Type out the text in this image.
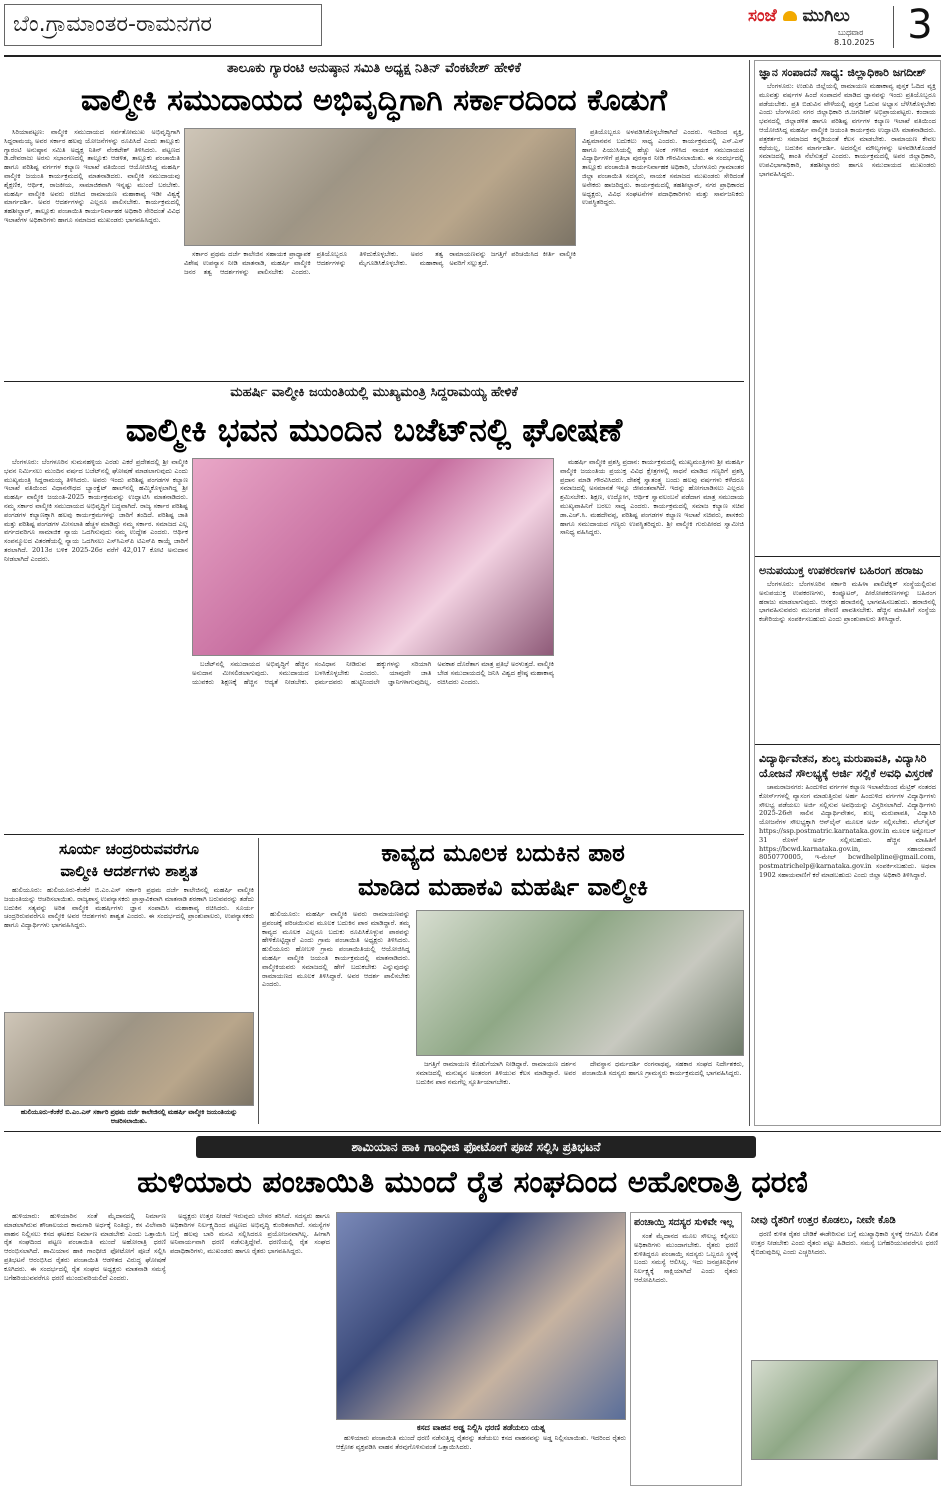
ಬೆಂ.ಗ್ರಾಮಾಂತರ-ರಾಮನಗರ	ಸಂಜೆ ಮುಗಿಲು
ಬುಧವಾರ
8.10.2025 3
ತಾಲೂಕು ಗ್ಯಾರಂಟಿ ಅನುಷ್ಠಾನ ಸಮಿತಿ ಅಧ್ಯಕ್ಷ ನಿತಿನ್ ವೆಂಕಟೇಶ್ ಹೇಳಿಕೆ
ವಾಲ್ಮೀಕಿ ಸಮುದಾಯದ ಅಭಿವೃದ್ಧಿಗಾಗಿ ಸರ್ಕಾರದಿಂದ ಕೊಡುಗೆ

ಸಿರಿಯಾಪಟ್ಟಣ: ವಾಲ್ಮೀಕಿ ಸಮುದಾಯದ ಸರ್ವತೋಮುಖ ಅಭಿವೃದ್ಧಿಗಾಗಿ ಸಿದ್ದರಾಮಯ್ಯ ಅವರ ಸರ್ಕಾರ ಹಲವು ಯೋಜನೆಗಳನ್ನು ರೂಪಿಸಿದೆ ಎಂದು ತಾಲ್ಲೂಕು ಗ್ಯಾರಂಟಿ ಅನುಷ್ಠಾನ ಸಮಿತಿ ಅಧ್ಯಕ್ಷ ನಿತಿನ್ ವೆಂಕಟೇಶ್ ತಿಳಿಸಿದರು. ಪಟ್ಟಣದ ಡಿ.ದೇವರಾಜು ಅರಸು ಸಭಾಂಗಣದಲ್ಲಿ ತಾಲ್ಲೂಕು ಆಡಳಿತ, ತಾಲ್ಲೂಕು ಪಂಚಾಯಿತಿ ಹಾಗೂ ಪರಿಶಿಷ್ಟ ವರ್ಗಗಳ ಕಲ್ಯಾಣ ಇಲಾಖೆ ವತಿಯಿಂದ ಆಯೋಜಿಸಿದ್ದ ಮಹರ್ಷಿ ವಾಲ್ಮೀಕಿ ಜಯಂತಿ ಕಾರ್ಯಕ್ರಮದಲ್ಲಿ ಮಾತನಾಡಿದರು. ವಾಲ್ಮೀಕಿ ಸಮುದಾಯವು ಶೈಕ್ಷಣಿಕ, ಆರ್ಥಿಕ, ರಾಜಕೀಯ, ಸಾಮಾಜಿಕವಾಗಿ ಇನ್ನಷ್ಟು ಮುಂದೆ ಬರಬೇಕು. ಮಹರ್ಷಿ ವಾಲ್ಮೀಕಿ ಅವರು ರಚಿಸಿದ ರಾಮಾಯಣ ಮಹಾಕಾವ್ಯ ಇಡೀ ವಿಶ್ವಕ್ಕೆ ಮಾರ್ಗದರ್ಶಿ. ಅವರ ಆದರ್ಶಗಳನ್ನು ಎಲ್ಲರೂ ಪಾಲಿಸಬೇಕು. ಕಾರ್ಯಕ್ರಮದಲ್ಲಿ ತಹಶೀಲ್ದಾರ್, ತಾಲ್ಲೂಕು ಪಂಚಾಯಿತಿ ಕಾರ್ಯನಿರ್ವಾಹಕ ಅಧಿಕಾರಿ ಸೇರಿದಂತೆ ವಿವಿಧ ಇಲಾಖೆಗಳ ಅಧಿಕಾರಿಗಳು ಹಾಗೂ ಸಮಾಜದ ಮುಖಂಡರು ಭಾಗವಹಿಸಿದ್ದರು.

ಸರ್ಕಾರ ಪ್ರಥಮ ದರ್ಜೆ ಕಾಲೇಜಿನ ಸಹಾಯಕ ಪ್ರಾಧ್ಯಾಪಕ ವಿಶೇಷ ಉಪನ್ಯಾಸ ನೀಡಿ ಮಾತನಾಡಿ, ಮಹರ್ಷಿ ವಾಲ್ಮೀಕಿ ಜನರ ತತ್ವ ಆದರ್ಶಗಳನ್ನು ಪಾಲಿಸಬೇಕು ಎಂದರು. ಪ್ರತಿಯೊಬ್ಬರೂ ತಿಳಿದುಕೊಳ್ಳಬೇಕು. ಅವರ ತತ್ವ ಆದರ್ಶಗಳನ್ನು ಮೈಗೂಡಿಸಿಕೊಳ್ಳಬೇಕು. ಮಹಾಕಾವ್ಯ ರಾಮಾಯಣವನ್ನು ಜಗತ್ತಿಗೆ ಪರಿಚಯಿಸಿದ ಕೀರ್ತಿ ವಾಲ್ಮೀಕಿ ಅವರಿಗೆ ಸಲ್ಲುತ್ತದೆ.

ಪ್ರತಿಯೊಬ್ಬರೂ ಅಳವಡಿಸಿಕೊಳ್ಳಬೇಕಾಗಿದೆ ಎಂದರು. ಇದರಿಂದ ವ್ಯಕ್ತಿ, ವಿಶ್ವಮಾನವನ ಬದುಕಲು ಸಾಧ್ಯ ಎಂದರು. ಕಾರ್ಯಕ್ರಮದಲ್ಲಿ ಎಸ್.ಎಸ್ ಹಾಗೂ ಪಿಯುಸಿಯಲ್ಲಿ ಹೆಚ್ಚು ಅಂಕ ಗಳಿಸಿದ ನಾಯಕ ಸಮುದಾಯದ ವಿದ್ಯಾರ್ಥಿಗಳಿಗೆ ಪ್ರತಿಭಾ ಪುರಸ್ಕಾರ ನೀಡಿ ಗೌರವಿಸಲಾಯಿತು. ಈ ಸಂದರ್ಭದಲ್ಲಿ ತಾಲ್ಲೂಕು ಪಂಚಾಯಿತಿ ಕಾರ್ಯನಿರ್ವಾಹಕ ಅಧಿಕಾರಿ, ಬೆಂಗಳೂರು ಗ್ರಾಮಾಂತರ ಜಿಲ್ಲಾ ಪಂಚಾಯಿತಿ ಸದಸ್ಯರು, ನಾಯಕ ಸಮಾಜದ ಮುಖಂಡರು ಸೇರಿದಂತೆ ಅನೇಕರು ಹಾಜರಿದ್ದರು. ಕಾರ್ಯಕ್ರಮದಲ್ಲಿ ತಹಶೀಲ್ದಾರ್, ನಗರ ಪ್ರಾಧಿಕಾರದ ಅಧ್ಯಕ್ಷರು, ವಿವಿಧ ಸಂಘಟನೆಗಳ ಪದಾಧಿಕಾರಿಗಳು ಮತ್ತು ಸಾರ್ವಜನಿಕರು ಉಪಸ್ಥಿತರಿದ್ದರು.

ಮಹರ್ಷಿ ವಾಲ್ಮೀಕಿ ಜಯಂತಿಯಲ್ಲಿ ಮುಖ್ಯಮಂತ್ರಿ ಸಿದ್ದರಾಮಯ್ಯ ಹೇಳಿಕೆ
ವಾಲ್ಮೀಕಿ ಭವನ ಮುಂದಿನ ಬಜೆಟ್‌ನಲ್ಲಿ ಘೋಷಣೆ

ಬೆಂಗಳೂರು: ಬೆಂಗಳೂರಿನ ಸುಮನಹಳ್ಳಿಯ ಎರಡು ಎಕರೆ ಪ್ರದೇಶದಲ್ಲಿ ಶ್ರೀ ವಾಲ್ಮೀಕಿ ಭವನ ನಿರ್ಮಿಸಲು ಮುಂದಿನ ವರ್ಷದ ಬಜೆಟ್‌ನಲ್ಲಿ ಘೋಷಣೆ ಮಾಡಲಾಗುವುದು ಎಂದು ಮುಖ್ಯಮಂತ್ರಿ ಸಿದ್ದರಾಮಯ್ಯ ತಿಳಿಸಿದರು. ಅವರು ಇಂದು ಪರಿಶಿಷ್ಟ ಪಂಗಡಗಳ ಕಲ್ಯಾಣ ಇಲಾಖೆ ವತಿಯಿಂದ ವಿಧಾನಸೌಧದ ಬ್ಯಾಂಕ್ವೆಟ್ ಹಾಲ್‌ನಲ್ಲಿ ಹಮ್ಮಿಕೊಳ್ಳಲಾಗಿದ್ದ ಶ್ರೀ ಮಹರ್ಷಿ ವಾಲ್ಮೀಕಿ ಜಯಂತಿ-2025 ಕಾರ್ಯಕ್ರಮವನ್ನು ಉದ್ಘಾಟಿಸಿ ಮಾತನಾಡಿದರು. ನಮ್ಮ ಸರ್ಕಾರ ವಾಲ್ಮೀಕಿ ಸಮುದಾಯದ ಅಭಿವೃದ್ಧಿಗೆ ಬದ್ಧವಾಗಿದೆ. ರಾಜ್ಯ ಸರ್ಕಾರ ಪರಿಶಿಷ್ಟ ಪಂಗಡಗಳ ಕಲ್ಯಾಣಕ್ಕಾಗಿ ಹಲವು ಕಾರ್ಯಕ್ರಮಗಳನ್ನು ಜಾರಿಗೆ ತಂದಿದೆ. ಪರಿಶಿಷ್ಟ ಜಾತಿ ಮತ್ತು ಪರಿಶಿಷ್ಟ ಪಂಗಡಗಳ ಮೀಸಲಾತಿ ಹೆಚ್ಚಳ ಮಾಡಿದ್ದು ನಮ್ಮ ಸರ್ಕಾರ. ಸಮಾಜದ ಎಲ್ಲ ವರ್ಗದವರಿಗೂ ಸಾಮಾಜಿಕ ನ್ಯಾಯ ಒದಗಿಸುವುದು ನಮ್ಮ ಉದ್ದೇಶ ಎಂದರು. ಆರ್ಥಿಕ ಸಂಪನ್ಮೂಲದ ವಿತರಣೆಯಲ್ಲಿ ನ್ಯಾಯ ಒದಗಿಸಲು ಎಸ್‌ಸಿಎಸ್‌ಪಿ ಟಿಎಸ್‌ಪಿ ಕಾಯ್ದೆ ಜಾರಿಗೆ ತರಲಾಗಿದೆ. 2013ರ ಬಳಿಕ 2025-26ರ ವರೆಗೆ 42,017 ಕೋಟಿ ಅನುದಾನ ನೀಡಲಾಗಿದೆ ಎಂದರು.

ಬಜೆಟ್‌ನಲ್ಲಿ ಸಮುದಾಯದ ಅಭಿವೃದ್ಧಿಗೆ ಹೆಚ್ಚಿನ ಅನುದಾನ ಮೀಸಲಿಡಲಾಗುವುದು. ಸಮುದಾಯದ ಯುವಕರು ಶಿಕ್ಷಣಕ್ಕೆ ಹೆಚ್ಚಿನ ಆದ್ಯತೆ ನೀಡಬೇಕು. ಸಂವಿಧಾನ ನೀಡಿರುವ ಹಕ್ಕುಗಳನ್ನು ಸರಿಯಾಗಿ ಬಳಸಿಕೊಳ್ಳಬೇಕು ಎಂದರು. ಯಾವುದೇ ಜಾತಿ ಧರ್ಮದವರು ಹುಟ್ಟಿನಿಂದಲೇ ಜ್ಞಾನಿಗಳಾಗುವುದಿಲ್ಲ. ಅವಕಾಶ ದೊರೆತಾಗ ಮಾತ್ರ ಪ್ರತಿಭೆ ಅರಳುತ್ತದೆ. ವಾಲ್ಮೀಕಿ ಬೇಡ ಸಮುದಾಯದಲ್ಲಿ ಜನಿಸಿ ವಿಶ್ವದ ಶ್ರೇಷ್ಠ ಮಹಾಕಾವ್ಯ ರಚಿಸಿದರು ಎಂದರು.

ಮಹರ್ಷಿ ವಾಲ್ಮೀಕಿ ಪ್ರಶಸ್ತಿ ಪ್ರದಾನ: ಕಾರ್ಯಕ್ರಮದಲ್ಲಿ ಮುಖ್ಯಮಂತ್ರಿಗಳು ಶ್ರೀ ಮಹರ್ಷಿ ವಾಲ್ಮೀಕಿ ಜಯಂತಿಯ ಪ್ರಯುಕ್ತ ವಿವಿಧ ಕ್ಷೇತ್ರಗಳಲ್ಲಿ ಸಾಧನೆ ಮಾಡಿದ ಗಣ್ಯರಿಗೆ ಪ್ರಶಸ್ತಿ ಪ್ರದಾನ ಮಾಡಿ ಗೌರವಿಸಿದರು. ದೇಶಕ್ಕೆ ಸ್ವಾತಂತ್ರ್ಯ ಬಂದು ಹಲವು ವರ್ಷಗಳು ಕಳೆದರೂ ಸಮಾಜದಲ್ಲಿ ಅಸಮಾನತೆ ಇನ್ನೂ ಜೀವಂತವಾಗಿದೆ. ಇದನ್ನು ಹೋಗಲಾಡಿಸಲು ಎಲ್ಲರೂ ಶ್ರಮಿಸಬೇಕು. ಶಿಕ್ಷಣ, ಉದ್ಯೋಗ, ಆರ್ಥಿಕ ಸ್ವಾವಲಂಬನೆ ಪಡೆದಾಗ ಮಾತ್ರ ಸಮುದಾಯ ಮುಖ್ಯವಾಹಿನಿಗೆ ಬರಲು ಸಾಧ್ಯ ಎಂದರು. ಕಾರ್ಯಕ್ರಮದಲ್ಲಿ ಸಮಾಜ ಕಲ್ಯಾಣ ಸಚಿವ ಡಾ.ಎಚ್.ಸಿ. ಮಹದೇವಪ್ಪ, ಪರಿಶಿಷ್ಟ ಪಂಗಡಗಳ ಕಲ್ಯಾಣ ಇಲಾಖೆ ಸಚಿವರು, ಶಾಸಕರು ಹಾಗೂ ಸಮುದಾಯದ ಗಣ್ಯರು ಉಪಸ್ಥಿತರಿದ್ದರು. ಶ್ರೀ ವಾಲ್ಮೀಕಿ ಗುರುಪೀಠದ ಸ್ವಾಮೀಜಿ ಸಾನಿಧ್ಯ ವಹಿಸಿದ್ದರು.

ಸೂರ್ಯ ಚಂದ್ರರಿರುವವರೆಗೂ
ವಾಲ್ಮೀಕಿ ಆದರ್ಶಗಳು ಶಾಶ್ವತ

ಹುಲಿಯೂರು: ಹುಲಿಯೂರು-ಕೆಂಕೆರೆ ಬಿ.ಎಂ.ಎಸ್ ಸರ್ಕಾರಿ ಪ್ರಥಮ ದರ್ಜೆ ಕಾಲೇಜಿನಲ್ಲಿ ಮಹರ್ಷಿ ವಾಲ್ಮೀಕಿ ಜಯಂತಿಯನ್ನು ಆಚರಿಸಲಾಯಿತು. ರಾಜ್ಯಶಾಸ್ತ್ರ ಉಪನ್ಯಾಸಕರು ಪ್ರಾಸ್ತಾವಿಕವಾಗಿ ಮಾತನಾಡಿ ಶರಣಾಗಿ ಬರುವವರನ್ನು ತಡೆದು ಬದುಕಿನ ಸತ್ಯವನ್ನು ಅರಿತ ವಾಲ್ಮೀಕಿ ಮಹರ್ಷಿಗಳು ಜ್ಞಾನ ಸಂಪಾದಿಸಿ ಮಹಾಕಾವ್ಯ ರಚಿಸಿದರು. ಸೂರ್ಯ ಚಂದ್ರರಿರುವವರೆಗೂ ವಾಲ್ಮೀಕಿ ಅವರ ಆದರ್ಶಗಳು ಶಾಶ್ವತ ಎಂದರು. ಈ ಸಂದರ್ಭದಲ್ಲಿ ಪ್ರಾಂಶುಪಾಲರು, ಉಪನ್ಯಾಸಕರು ಹಾಗೂ ವಿದ್ಯಾರ್ಥಿಗಳು ಭಾಗವಹಿಸಿದ್ದರು.

ಹುಲಿಯೂರು-ಕೆಂಕೆರೆ ಬಿ.ಎಂ.ಎಸ್ ಸರ್ಕಾರಿ ಪ್ರಥಮ ದರ್ಜೆ ಕಾಲೇಜಿನಲ್ಲಿ ಮಹರ್ಷಿ ವಾಲ್ಮೀಕಿ ಜಯಂತಿಯನ್ನು ಆಚರಿಸಲಾಯಿತು.
ಕಾವ್ಯದ ಮೂಲಕ ಬದುಕಿನ ಪಾಠ
ಮಾಡಿದ ಮಹಾಕವಿ ಮಹರ್ಷಿ ವಾಲ್ಮೀಕಿ

ಹುಲಿಯೂರು: ಮಹರ್ಷಿ ವಾಲ್ಮೀಕಿ ಅವರು ರಾಮಾಯಣವನ್ನು ಪ್ರಪಂಚಕ್ಕೆ ಪರಿಚಯಿಸುವ ಮೂಲಕ ಬದುಕಿನ ಪಾಠ ಮಾಡಿದ್ದಾರೆ. ತಮ್ಮ ಕಾವ್ಯದ ಮೂಲಕ ಎಲ್ಲರೂ ಬದುಕು ರೂಪಿಸಿಕೊಳ್ಳುವ ಪಾಠವನ್ನು ಹೇಳಿಕೊಟ್ಟಿದ್ದಾರೆ ಎಂದು ಗ್ರಾಮ ಪಂಚಾಯಿತಿ ಅಧ್ಯಕ್ಷರು ತಿಳಿಸಿದರು. ಹುಲಿಯೂರು ಹೋಬಳಿ ಗ್ರಾಮ ಪಂಚಾಯಿತಿಯಲ್ಲಿ ಆಯೋಜಿಸಿದ್ದ ಮಹರ್ಷಿ ವಾಲ್ಮೀಕಿ ಜಯಂತಿ ಕಾರ್ಯಕ್ರಮದಲ್ಲಿ ಮಾತನಾಡಿದರು. ವಾಲ್ಮೀಕಿಯವರು ಸಮಾಜದಲ್ಲಿ ಹೇಗೆ ಬದುಕಬೇಕು ಎನ್ನುವುದನ್ನು ರಾಮಾಯಣದ ಮೂಲಕ ತಿಳಿಸಿದ್ದಾರೆ. ಅವರ ಆದರ್ಶ ಪಾಲಿಸಬೇಕು ಎಂದರು.

ಜಗತ್ತಿಗೆ ರಾಮಾಯಣ ಕೊಡುಗೆಯಾಗಿ ನೀಡಿದ್ದಾರೆ. ರಾಮಾಯಣ ದರ್ಶನ ಸಮಾಜದಲ್ಲಿ ಮನುಷ್ಯನ ಅಂತರಂಗ ತಿಳಿಯುವ ಕೆಲಸ ಮಾಡಿದ್ದಾರೆ. ಅವರ ಬದುಕಿನ ಪಾಠ ನಮಗೆಲ್ಲ ಸ್ಫೂರ್ತಿಯಾಗಬೇಕು.

ದೇವಸ್ಥಾನ ಧರ್ಮದರ್ಶಿ ರಂಗನಾಥಪ್ಪ, ಸಹಕಾರ ಸಂಘದ ನಿರ್ದೇಶಕರು, ಪಂಚಾಯಿತಿ ಸದಸ್ಯರು ಹಾಗೂ ಗ್ರಾಮಸ್ಥರು ಕಾರ್ಯಕ್ರಮದಲ್ಲಿ ಭಾಗವಹಿಸಿದ್ದರು.

ಜ್ಞಾನ ಸಂಪಾದನೆ ಸಾಧ್ಯ: ಜಿಲ್ಲಾಧಿಕಾರಿ ಜಗದೀಶ್

ಬೆಂಗಳೂರು: ಉಡುಪಿ ಜಿಲ್ಲೆಯಲ್ಲಿ ರಾಮಾಯಣ ಮಹಾಕಾವ್ಯ ಪುಸ್ತಕ ಓದಿದ ವ್ಯಕ್ತಿ ಮೂವತ್ತು ವರ್ಷಗಳ ಹಿಂದೆ ಸಂಪಾದನೆ ಮಾಡಿದ ಜ್ಞಾನವನ್ನು ಇಂದು ಪ್ರತಿಯೊಬ್ಬರೂ ಪಡೆಯಬೇಕು. ಪ್ರತಿ ಬಿಡುವಿನ ವೇಳೆಯಲ್ಲಿ ಪುಸ್ತಕ ಓದುವ ಅಭ್ಯಾಸ ಬೆಳೆಸಿಕೊಳ್ಳಬೇಕು ಎಂದು ಬೆಂಗಳೂರು ನಗರ ಜಿಲ್ಲಾಧಿಕಾರಿ ಜಿ.ಜಗದೀಶ್ ಅಭಿಪ್ರಾಯಪಟ್ಟರು. ಕಂದಾಯ ಭವನದಲ್ಲಿ ಜಿಲ್ಲಾಡಳಿತ ಹಾಗೂ ಪರಿಶಿಷ್ಟ ವರ್ಗಗಳ ಕಲ್ಯಾಣ ಇಲಾಖೆ ವತಿಯಿಂದ ಆಯೋಜಿಸಿದ್ದ ಮಹರ್ಷಿ ವಾಲ್ಮೀಕಿ ಜಯಂತಿ ಕಾರ್ಯಕ್ರಮ ಉದ್ಘಾಟಿಸಿ ಮಾತನಾಡಿದರು. ಪತ್ರಕರ್ತರು ಸಮಾಜದ ಕನ್ನಡಿಯಂತೆ ಕೆಲಸ ಮಾಡಬೇಕು. ರಾಮಾಯಣ ಕೇವಲ ಕಥೆಯಲ್ಲ, ಬದುಕಿನ ಮಾರ್ಗದರ್ಶಿ. ಅದರಲ್ಲಿನ ಮೌಲ್ಯಗಳನ್ನು ಅಳವಡಿಸಿಕೊಂಡರೆ ಸಮಾಜದಲ್ಲಿ ಶಾಂತಿ ನೆಲೆಸುತ್ತದೆ ಎಂದರು. ಕಾರ್ಯಕ್ರಮದಲ್ಲಿ ಅಪರ ಜಿಲ್ಲಾಧಿಕಾರಿ, ಉಪವಿಭಾಗಾಧಿಕಾರಿ, ತಹಶೀಲ್ದಾರರು ಹಾಗೂ ಸಮುದಾಯದ ಮುಖಂಡರು ಭಾಗವಹಿಸಿದ್ದರು.

ಅನುಪಯುಕ್ತ ಉಪಕರಣಗಳ ಬಹಿರಂಗ ಹರಾಜು

ಬೆಂಗಳೂರು: ಬೆಂಗಳೂರಿನ ಸರ್ಕಾರಿ ಮಹಿಳಾ ಪಾಲಿಟೆಕ್ನಿಕ್ ಸಂಸ್ಥೆಯಲ್ಲಿರುವ ಅನುಪಯುಕ್ತ ಉಪಕರಣಗಳು, ಕಂಪ್ಯೂಟರ್, ಪೀಠೋಪಕರಣಗಳನ್ನು ಬಹಿರಂಗ ಹರಾಜು ಮಾಡಲಾಗುವುದು. ಆಸಕ್ತರು ಹರಾಜಿನಲ್ಲಿ ಭಾಗವಹಿಸಬಹುದು. ಹರಾಜಿನಲ್ಲಿ ಭಾಗವಹಿಸುವವರು ಮುಂಗಡ ಠೇವಣಿ ಪಾವತಿಸಬೇಕು. ಹೆಚ್ಚಿನ ಮಾಹಿತಿಗೆ ಸಂಸ್ಥೆಯ ಕಚೇರಿಯನ್ನು ಸಂಪರ್ಕಿಸಬಹುದು ಎಂದು ಪ್ರಾಂಶುಪಾಲರು ತಿಳಿಸಿದ್ದಾರೆ.

ವಿದ್ಯಾರ್ಥಿವೇತನ, ಶುಲ್ಕ ಮರುಪಾವತಿ, ವಿದ್ಯಾಸಿರಿ ಯೋಜನೆ ಸೌಲಭ್ಯಕ್ಕೆ ಅರ್ಜಿ ಸಲ್ಲಿಕೆ ಅವಧಿ ವಿಸ್ತರಣೆ

ಚಾಮರಾಜನಗರ: ಹಿಂದುಳಿದ ವರ್ಗಗಳ ಕಲ್ಯಾಣ ಇಲಾಖೆಯಿಂದ ಮೆಟ್ರಿಕ್ ನಂತರದ ಕೋರ್ಸ್‌ಗಳಲ್ಲಿ ವ್ಯಾಸಂಗ ಮಾಡುತ್ತಿರುವ ಅರ್ಹ ಹಿಂದುಳಿದ ವರ್ಗಗಳ ವಿದ್ಯಾರ್ಥಿಗಳು ಸೌಲಭ್ಯ ಪಡೆಯಲು ಅರ್ಜಿ ಸಲ್ಲಿಸುವ ಅವಧಿಯನ್ನು ವಿಸ್ತರಿಸಲಾಗಿದೆ. ವಿದ್ಯಾರ್ಥಿಗಳು 2025-26ನೇ ಸಾಲಿನ ವಿದ್ಯಾರ್ಥಿವೇತನ, ಶುಲ್ಕ ಮರುಪಾವತಿ, ವಿದ್ಯಾಸಿರಿ ಯೋಜನೆಗಳ ಸೌಲಭ್ಯಕ್ಕಾಗಿ ಆನ್‌ಲೈನ್ ಮೂಲಕ ಅರ್ಜಿ ಸಲ್ಲಿಸಬೇಕು. ವೆಬ್‌ಸೈಟ್ https://ssp.postmatric.karnataka.gov.in ಮೂಲಕ ಅಕ್ಟೋಬರ್ 31 ರೊಳಗೆ ಅರ್ಜಿ ಸಲ್ಲಿಸಬಹುದು. ಹೆಚ್ಚಿನ ಮಾಹಿತಿಗೆ https://bcwd.karnataka.gov.in, ಸಹಾಯವಾಣಿ 8050770005, ಇ-ಮೇಲ್ bcwdhelpline@gmail.com, postmatrichelp@karnataka.gov.in ಸಂಪರ್ಕಿಸಬಹುದು. ಅಥವಾ 1902 ಸಹಾಯವಾಣಿಗೆ ಕರೆ ಮಾಡಬಹುದು ಎಂದು ಜಿಲ್ಲಾ ಅಧಿಕಾರಿ ತಿಳಿಸಿದ್ದಾರೆ.

ಶಾಮಿಯಾನ ಹಾಕಿ ಗಾಂಧೀಜಿ ಫೋಟೋಗೆ ಪೂಜೆ ಸಲ್ಲಿಸಿ ಪ್ರತಿಭಟನೆ
ಹುಳಿಯಾರು ಪಂಚಾಯಿತಿ ಮುಂದೆ ರೈತ ಸಂಘದಿಂದ ಅಹೋರಾತ್ರಿ ಧರಣಿ

ಹುಳಿಯಾರು: ಹುಳಿಯಾರಿನ ಸಂತೆ ಮೈದಾನದಲ್ಲಿ ನಿರ್ಮಾಣ ಮಾಡಲಾಗಿರುವ ಶೌಚಾಲಯದ ಕಾಮಗಾರಿ ಅರ್ಧಕ್ಕೆ ನಿಂತಿದ್ದು, ಕಸ ವಿಲೇವಾರಿ ವಾಹನ ನಿಲ್ಲಿಸಲು ಕಸದ ಘಟಕದ ನಿರ್ಮಾಣ ಮಾಡಬೇಕು ಎಂದು ಒತ್ತಾಯಿಸಿ ರೈತ ಸಂಘದಿಂದ ಪಟ್ಟಣ ಪಂಚಾಯಿತಿ ಮುಂದೆ ಅಹೋರಾತ್ರಿ ಧರಣಿ ಆರಂಭಿಸಲಾಗಿದೆ. ಶಾಮಿಯಾನ ಹಾಕಿ ಗಾಂಧೀಜಿ ಫೋಟೋಗೆ ಪೂಜೆ ಸಲ್ಲಿಸಿ ಪ್ರತಿಭಟನೆ ಆರಂಭಿಸಿದ ರೈತರು ಪಂಚಾಯಿತಿ ಆಡಳಿತದ ವಿರುದ್ಧ ಘೋಷಣೆ ಕೂಗಿದರು. ಈ ಸಂದರ್ಭದಲ್ಲಿ ರೈತ ಸಂಘದ ಅಧ್ಯಕ್ಷರು ಮಾತನಾಡಿ ಸಮಸ್ಯೆ ಬಗೆಹರಿಯುವವರೆಗೂ ಧರಣಿ ಮುಂದುವರಿಯಲಿದೆ ಎಂದರು.

ಅಧ್ಯಕ್ಷರು ಉತ್ತರ ನೀಡದೆ ಇರುವುದು ಬೇಸರ ತರಿಸಿದೆ. ಸದಸ್ಯರು ಹಾಗೂ ಅಧಿಕಾರಿಗಳ ನಿರ್ಲಕ್ಷ್ಯದಿಂದ ಪಟ್ಟಣದ ಅಭಿವೃದ್ಧಿ ಕುಂಠಿತವಾಗಿದೆ. ಸಮಸ್ಯೆಗಳ ಬಗ್ಗೆ ಹಲವು ಬಾರಿ ಮನವಿ ಸಲ್ಲಿಸಿದರೂ ಪ್ರಯೋಜನವಾಗಿಲ್ಲ. ಹೀಗಾಗಿ ಅನಿವಾರ್ಯವಾಗಿ ಧರಣಿ ನಡೆಸುತ್ತಿದ್ದೇವೆ. ಧರಣಿಯಲ್ಲಿ ರೈತ ಸಂಘದ ಪದಾಧಿಕಾರಿಗಳು, ಮುಖಂಡರು ಹಾಗೂ ರೈತರು ಭಾಗವಹಿಸಿದ್ದರು.

ಕಸದ ವಾಹನ ಅಡ್ಡ ನಿಲ್ಲಿಸಿ ಧರಣಿ ತಡೆಯಲು ಯತ್ನ

ಹುಳಿಯಾರು ಪಂಚಾಯಿತಿ ಮುಂದೆ ಧರಣಿ ನಡೆಸುತ್ತಿದ್ದ ರೈತರನ್ನು ತಡೆಯಲು ಕಸದ ವಾಹನವನ್ನು ಅಡ್ಡ ನಿಲ್ಲಿಸಲಾಯಿತು. ಇದರಿಂದ ರೈತರು ಆಕ್ರೋಶ ವ್ಯಕ್ತಪಡಿಸಿ ವಾಹನ ತೆರವುಗೊಳಿಸುವಂತೆ ಒತ್ತಾಯಿಸಿದರು.

ಪಂಚಾಯ್ತಿ ಸದಸ್ಯರ ಸುಳಿವೇ ಇಲ್ಲ

ಸಂತೆ ಮೈದಾನದ ಮೂಲ ಸೌಲಭ್ಯ ಕಲ್ಪಿಸಲು ಅಧಿಕಾರಿಗಳು ಮುಂದಾಗಬೇಕು. ರೈತರು ಧರಣಿ ಕುಳಿತಿದ್ದರೂ ಪಂಚಾಯ್ತಿ ಸದಸ್ಯರು ಒಬ್ಬರೂ ಸ್ಥಳಕ್ಕೆ ಬಂದು ಸಮಸ್ಯೆ ಆಲಿಸಿಲ್ಲ. ಇದು ಜನಪ್ರತಿನಿಧಿಗಳ ನಿರ್ಲಕ್ಷ್ಯಕ್ಕೆ ಸಾಕ್ಷಿಯಾಗಿದೆ ಎಂದು ರೈತರು ಆರೋಪಿಸಿದರು.

ನೀವು ರೈತರಿಗೆ ಉತ್ತರ ಕೊಡಲು, ನೀವೇ ಕೊಡಿ

ಧರಣಿ ಕುಳಿತ ರೈತರ ಬೇಡಿಕೆ ಈಡೇರಿಸುವ ಬಗ್ಗೆ ಮುಖ್ಯಾಧಿಕಾರಿ ಸ್ಥಳಕ್ಕೆ ಆಗಮಿಸಿ ಲಿಖಿತ ಉತ್ತರ ನೀಡಬೇಕು ಎಂದು ರೈತರು ಪಟ್ಟು ಹಿಡಿದರು. ಸಮಸ್ಯೆ ಬಗೆಹರಿಯುವವರೆಗೂ ಧರಣಿ ಕೈಬಿಡುವುದಿಲ್ಲ ಎಂದು ಎಚ್ಚರಿಸಿದರು.
